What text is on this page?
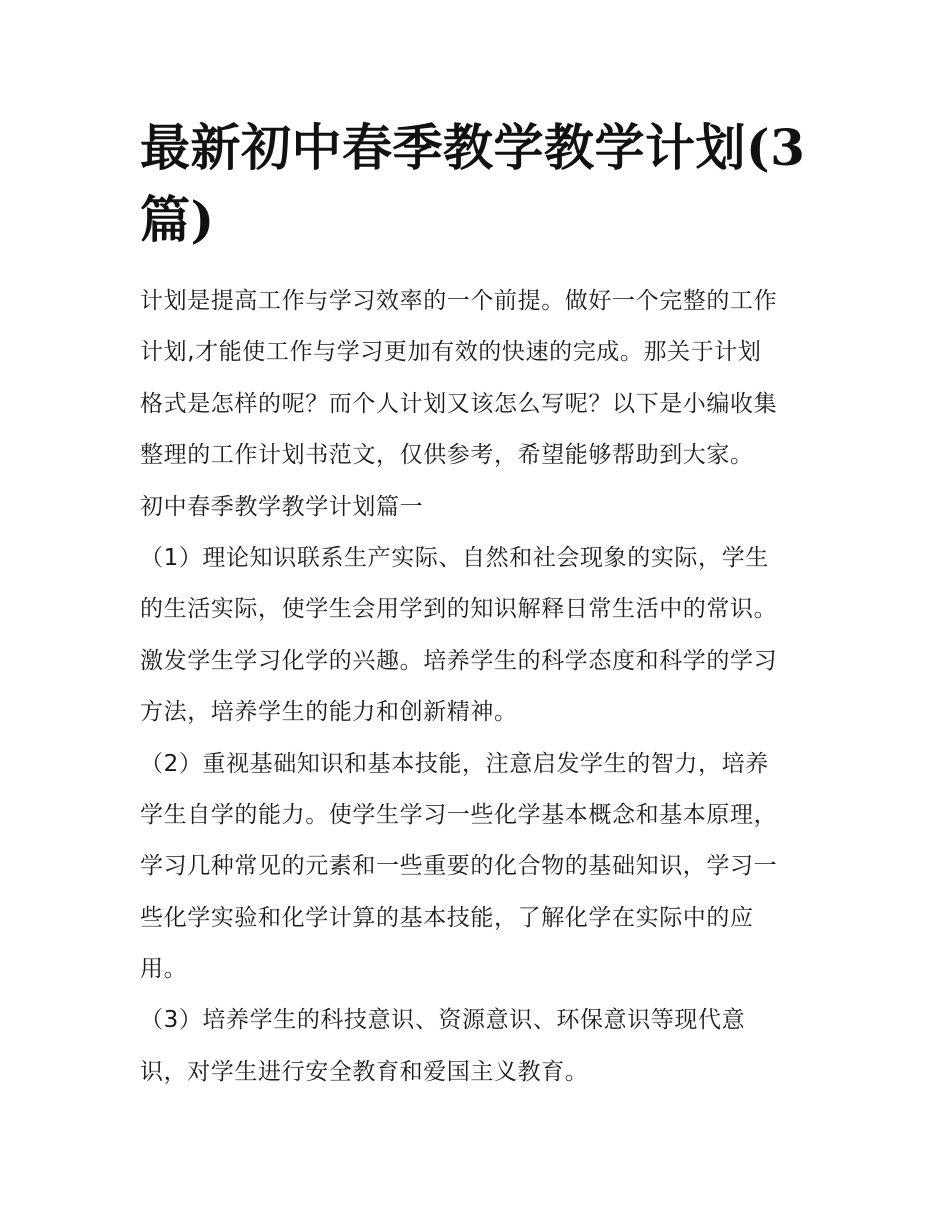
最新初中春季教学教学计划(3篇)
计划是提高工作与学习效率的一个前提。做好一个完整的工作
计划,才能使工作与学习更加有效的快速的完成。那关于计划
格式是怎样的呢？而个人计划又该怎么写呢？以下是小编收集
整理的工作计划书范文，仅供参考，希望能够帮助到大家。
初中春季教学教学计划篇一
（1）理论知识联系生产实际、自然和社会现象的实际，学生
的生活实际，使学生会用学到的知识解释日常生活中的常识。
激发学生学习化学的兴趣。培养学生的科学态度和科学的学习
方法，培养学生的能力和创新精神。
（2）重视基础知识和基本技能，注意启发学生的智力，培养
学生自学的能力。使学生学习一些化学基本概念和基本原理，
学习几种常见的元素和一些重要的化合物的基础知识，学习一
些化学实验和化学计算的基本技能，了解化学在实际中的应
用。
（3）培养学生的科技意识、资源意识、环保意识等现代意
识，对学生进行安全教育和爱国主义教育。
